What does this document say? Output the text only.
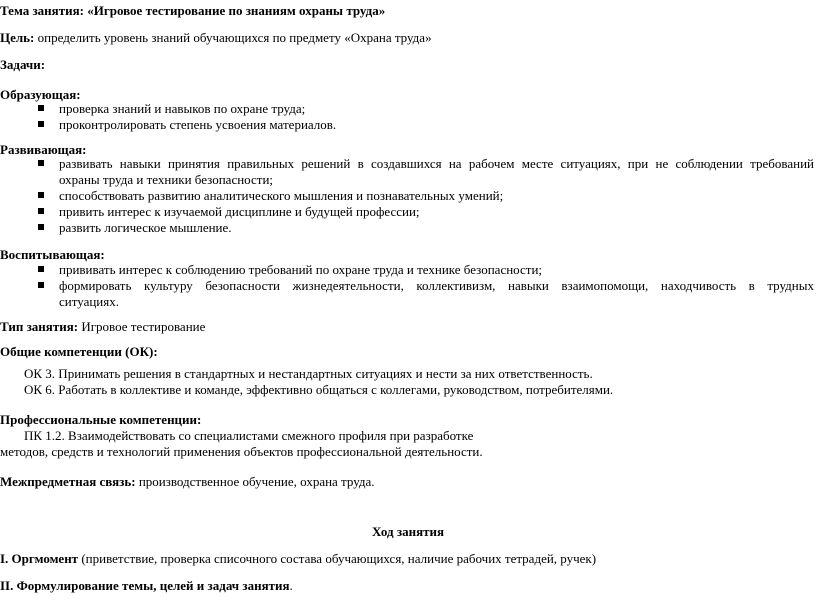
Тема занятия: «Игровое тестирование по знаниям охраны труда»
Цель: определить уровень знаний обучающихся по предмету «Охрана труда»
Задачи:
Образующая:
проверка знаний и навыков по охране труда;
проконтролировать степень усвоения материалов.
Развивающая:
развивать навыки принятия правильных решений в создавшихся на рабочем месте ситуациях, при не соблюдении требований
охраны труда и техники безопасности;
способствовать развитию аналитического мышления и познавательных умений;
привить интерес к изучаемой дисциплине и будущей профессии;
развить логическое мышление.
Воспитывающая:
прививать интерес к соблюдению требований по охране труда и технике безопасности;
формировать культуру безопасности жизнедеятельности, коллективизм, навыки взаимопомощи, находчивость в трудных
ситуациях.
Тип занятия: Игровое тестирование
Общие компетенции (ОК):
ОК 3. Принимать решения в стандартных и нестандартных ситуациях и нести за них ответственность.
ОК 6. Работать в коллективе и команде, эффективно общаться с коллегами, руководством, потребителями.
Профессиональные компетенции:
ПК 1.2. Взаимодействовать со специалистами смежного профиля при разработке
методов, средств и технологий применения объектов профессиональной деятельности.
Межпредметная связь: производственное обучение, охрана труда.
Ход занятия
I. Оргмомент (приветствие, проверка списочного состава обучающихся, наличие рабочих тетрадей, ручек)
II. Формулирование темы, целей и задач занятия.
